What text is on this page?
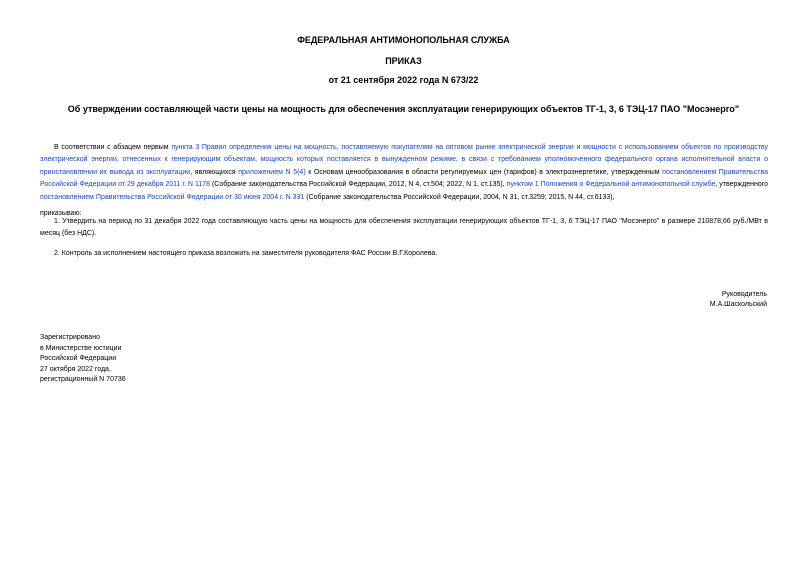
ФЕДЕРАЛЬНАЯ АНТИМОНОПОЛЬНАЯ СЛУЖБА
ПРИКАЗ
от 21 сентября 2022 года N 673/22
Об утверждении составляющей части цены на мощность для обеспечения эксплуатации генерирующих объектов ТГ-1, 3, 6 ТЭЦ-17 ПАО "Мосэнерго"

В соответствии с абзацем первым пункта 3 Правил определения цены на мощность, поставляемую покупателям на оптовом рынке электрической энергии и мощности с использованием объектов по производству электрической энергии, отнесенных к генерирующим объектам, мощность которых поставляется в вынужденном режиме, в связи с требованием уполномоченного федерального органа исполнительной власти о приостановлении их вывода из эксплуатации, являющихся приложением N 5(4) к Основам ценообразования в области регулируемых цен (тарифов) в электроэнергетике, утвержденным постановлением Правительства Российской Федерации от 29 декабря 2011 г. N 1178 (Собрание законодательства Российской Федерации, 2012, N 4, ст.504; 2022, N 1, ст.135), пунктом 1 Положения о Федеральной антимонопольной службе, утвержденного постановлением Правительства Российской Федерации от 30 июня 2004 г. N 331 (Собрание законодательства Российской Федерации, 2004, N 31, ст.3259; 2015, N 44, ст.6133),

приказываю:

1. Утвердить на период по 31 декабря 2022 года составляющую часть цены на мощность для обеспечения эксплуатации генерирующих объектов ТГ-1, 3, 6 ТЭЦ-17 ПАО "Мосэнерго" в размере 210878,66 руб./МВт в месяц (без НДС).

2. Контроль за исполнением настоящего приказа возложить на заместителя руководителя ФАС России В.Г.Королева.

Руководитель
М.А.Шаскольский
Зарегистрировано
в Министерстве юстиции
Российской Федерации
27 октября 2022 года,
регистрационный N 70736
